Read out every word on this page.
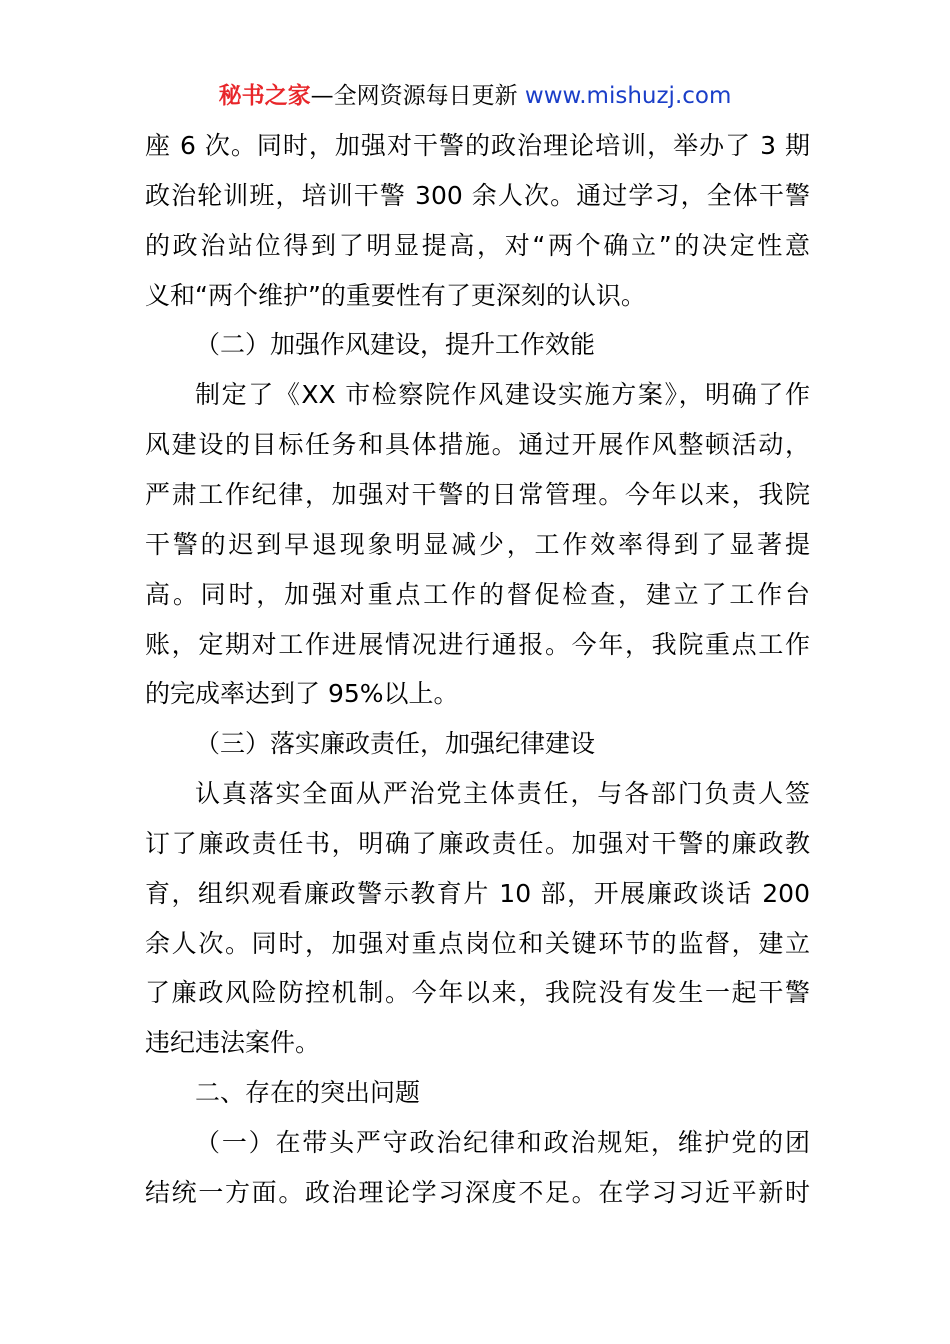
秘书之家—全网资源每日更新 www.mishuzj.com
座 6 次。同时，加强对干警的政治理论培训，举办了 3 期
政治轮训班，培训干警 300 余人次。通过学习，全体干警
的政治站位得到了明显提高，对“两个确立”的决定性意
义和“两个维护”的重要性有了更深刻的认识。
（二）加强作风建设，提升工作效能
制定了《XX 市检察院作风建设实施方案》，明确了作
风建设的目标任务和具体措施。通过开展作风整顿活动，
严肃工作纪律，加强对干警的日常管理。今年以来，我院
干警的迟到早退现象明显减少，工作效率得到了显著提
高。同时，加强对重点工作的督促检查，建立了工作台
账，定期对工作进展情况进行通报。今年，我院重点工作
的完成率达到了 95%以上。
（三）落实廉政责任，加强纪律建设
认真落实全面从严治党主体责任，与各部门负责人签
订了廉政责任书，明确了廉政责任。加强对干警的廉政教
育，组织观看廉政警示教育片 10 部，开展廉政谈话 200
余人次。同时，加强对重点岗位和关键环节的监督，建立
了廉政风险防控机制。今年以来，我院没有发生一起干警
违纪违法案件。
二、存在的突出问题
（一）在带头严守政治纪律和政治规矩，维护党的团
结统一方面。政治理论学习深度不足。在学习习近平新时
